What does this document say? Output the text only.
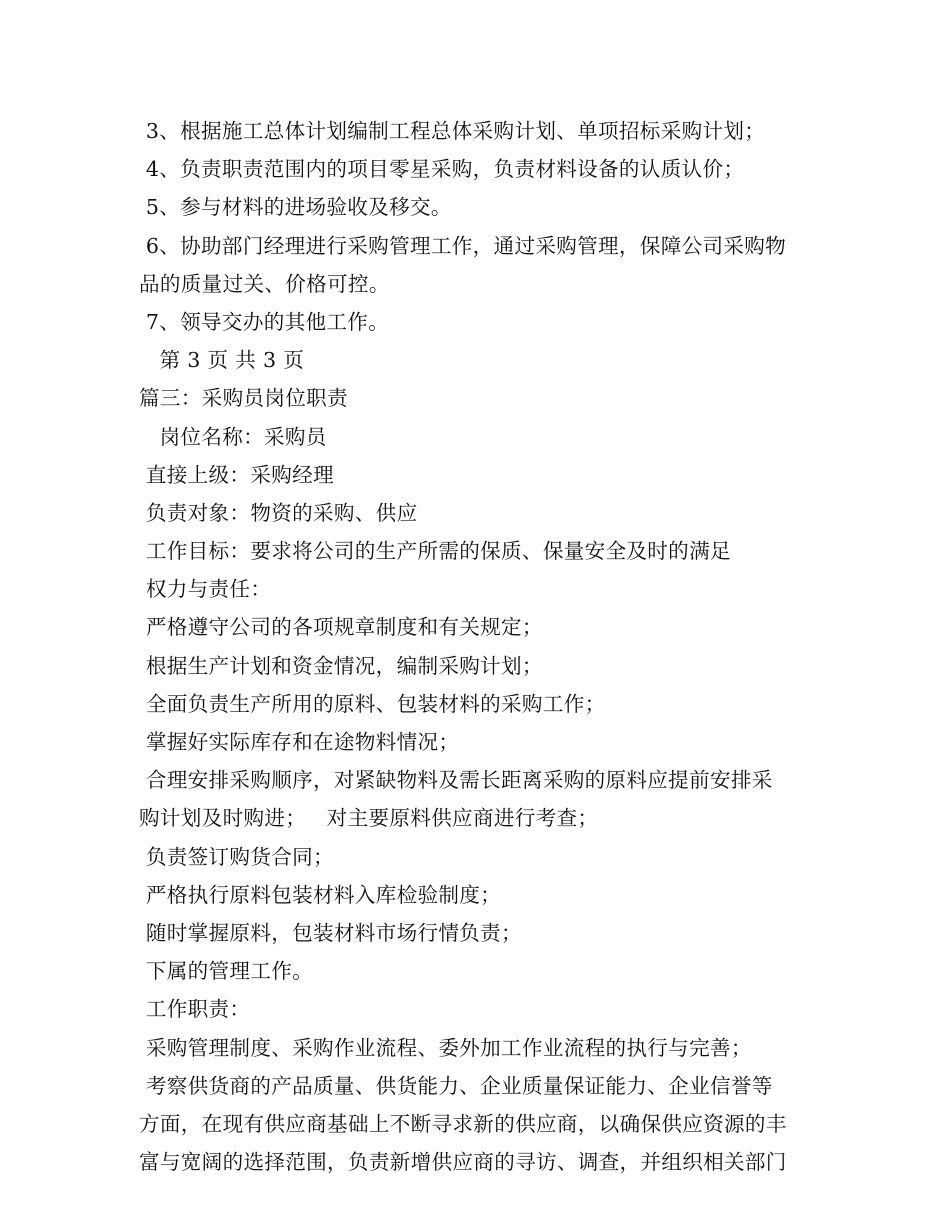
3、根据施工总体计划编制工程总体采购计划、单项招标采购计划；
4、负责职责范围内的项目零星采购，负责材料设备的认质认价；
5、参与材料的进场验收及移交。
6、协助部门经理进行采购管理工作，通过采购管理，保障公司采购物
品的质量过关、价格可控。
7、领导交办的其他工作。
第 3 页 共 3 页
篇三：采购员岗位职责
岗位名称：采购员
直接上级：采购经理
负责对象：物资的采购、供应
工作目标：要求将公司的生产所需的保质、保量安全及时的满足
权力与责任：
严格遵守公司的各项规章制度和有关规定；
根据生产计划和资金情况，编制采购计划；
全面负责生产所用的原料、包装材料的采购工作；
掌握好实际库存和在途物料情况；
合理安排采购顺序，对紧缺物料及需长距离采购的原料应提前安排采
购计划及时购进；   对主要原料供应商进行考查；
负责签订购货合同；
严格执行原料包装材料入库检验制度；
随时掌握原料，包装材料市场行情负责；
下属的管理工作。
工作职责：
采购管理制度、采购作业流程、委外加工作业流程的执行与完善；
考察供货商的产品质量、供货能力、企业质量保证能力、企业信誉等
方面，在现有供应商基础上不断寻求新的供应商，以确保供应资源的丰
富与宽阔的选择范围，负责新增供应商的寻访、调查，并组织相关部门
